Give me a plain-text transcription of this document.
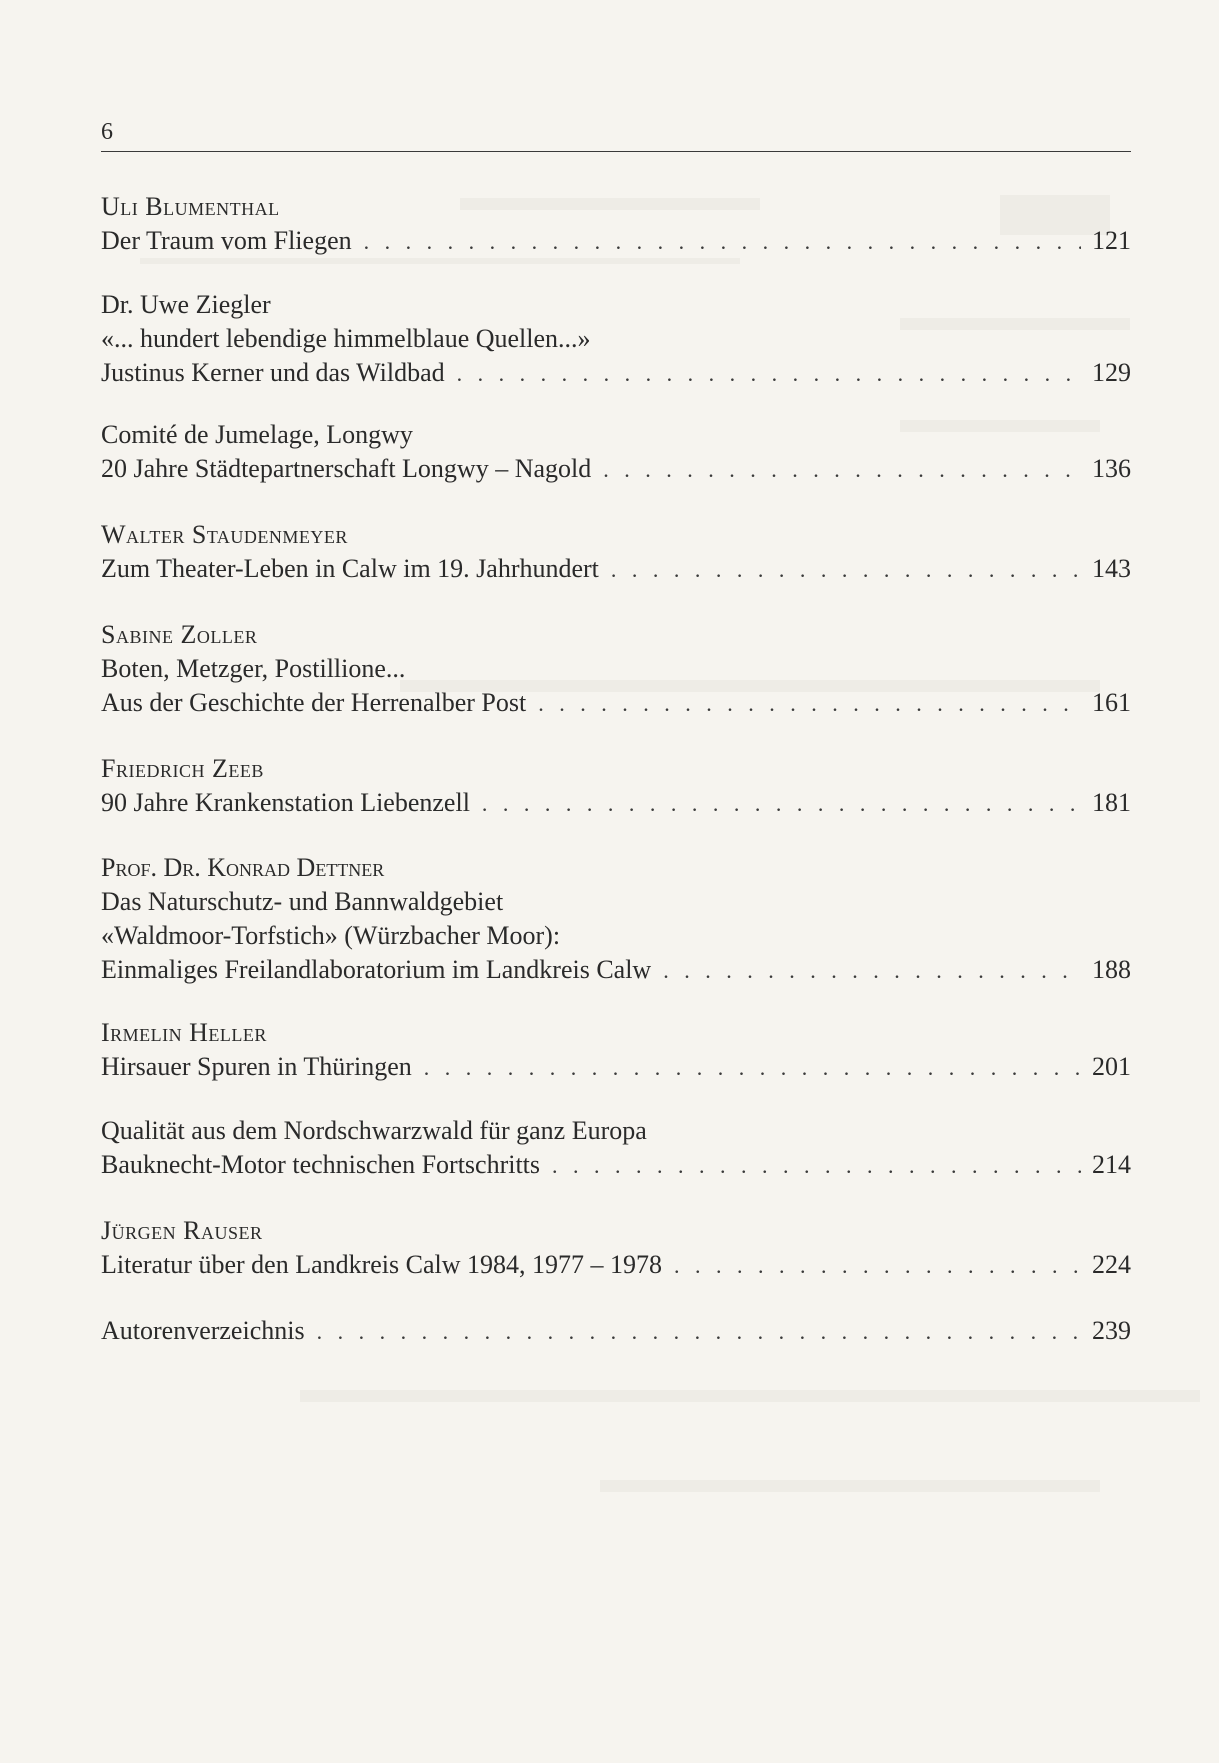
6
Uli Blumenthal
Der Traum vom Fliegen . . .	121
Dr. Uwe Ziegler
«... hundert lebendige himmelblaue Quellen...»
Justinus Kerner und das Wildbad . . .	129
Comité de Jumelage, Longwy
20 Jahre Städtepartnerschaft Longwy – Nagold . . .	136
Walter Staudenmeyer
Zum Theater-Leben in Calw im 19. Jahrhundert . . .	143
Sabine Zoller
Boten, Metzger, Postillione...
Aus der Geschichte der Herrenalber Post . . .	161
Friedrich Zeeb
90 Jahre Krankenstation Liebenzell . . .	181
Prof. Dr. Konrad Dettner
Das Naturschutz- und Bannwaldgebiet
«Waldmoor-Torfstich» (Würzbacher Moor):
Einmaliges Freilandlaboratorium im Landkreis Calw . . .	188
Irmelin Heller
Hirsauer Spuren in Thüringen . . .	201
Qualität aus dem Nordschwarzwald für ganz Europa
Bauknecht-Motor technischen Fortschritts . . .	214
Jürgen Rauser
Literatur über den Landkreis Calw 1984, 1977 – 1978 . . .	224
Autorenverzeichnis . . .	239
